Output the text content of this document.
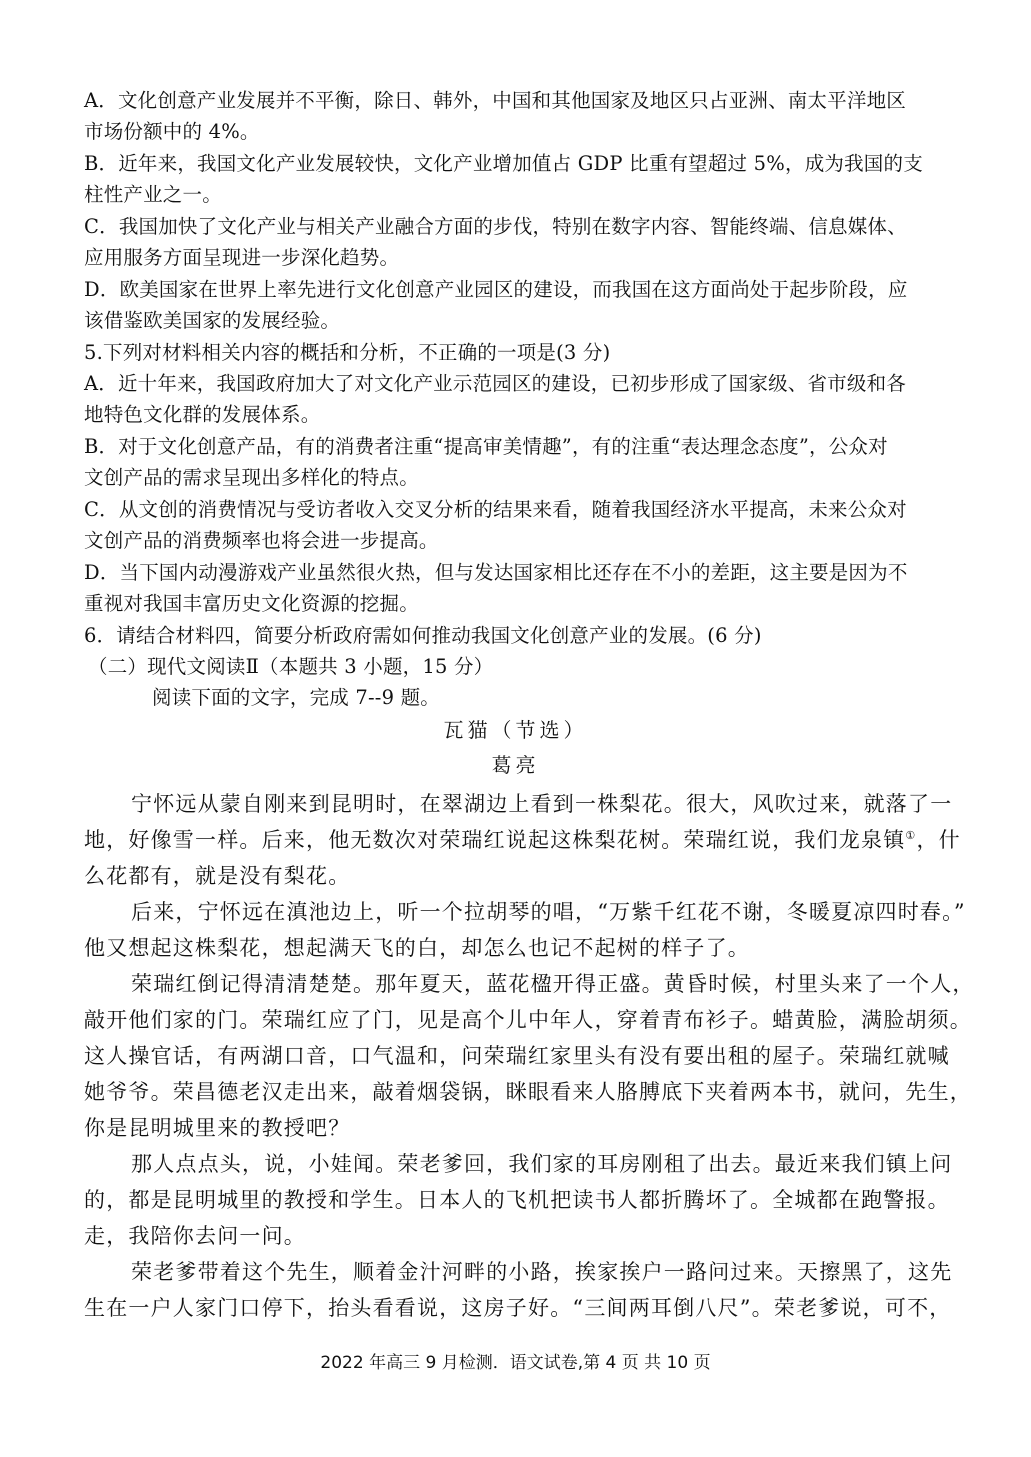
A．文化创意产业发展并不平衡，除日、韩外，中国和其他国家及地区只占亚洲、南太平洋地区
市场份额中的 4%。
B．近年来，我国文化产业发展较快，文化产业增加值占 GDP 比重有望超过 5%，成为我国的支
柱性产业之一。
C．我国加快了文化产业与相关产业融合方面的步伐，特别在数字内容、智能终端、信息媒体、
应用服务方面呈现进一步深化趋势。
D．欧美国家在世界上率先进行文化创意产业园区的建设，而我国在这方面尚处于起步阶段，应
该借鉴欧美国家的发展经验。
5.下列对材料相关内容的概括和分析，不正确的一项是(3 分)
A．近十年来，我国政府加大了对文化产业示范园区的建设，已初步形成了国家级、省市级和各
地特色文化群的发展体系。
B．对于文化创意产品，有的消费者注重“提高审美情趣”，有的注重“表达理念态度”，公众对
文创产品的需求呈现出多样化的特点。
C．从文创的消费情况与受访者收入交叉分析的结果来看，随着我国经济水平提高，未来公众对
文创产品的消费频率也将会进一步提高。
D．当下国内动漫游戏产业虽然很火热，但与发达国家相比还存在不小的差距，这主要是因为不
重视对我国丰富历史文化资源的挖掘。
6．请结合材料四，简要分析政府需如何推动我国文化创意产业的发展。(6 分)
（二）现代文阅读Ⅱ（本题共 3 小题，15 分）
阅读下面的文字，完成 7--9 题。
瓦猫（节选）
葛亮
宁怀远从蒙自刚来到昆明时，在翠湖边上看到一株梨花。很大，风吹过来，就落了一
地，好像雪一样。后来，他无数次对荣瑞红说起这株梨花树。荣瑞红说，我们龙泉镇①，什
么花都有，就是没有梨花。
后来，宁怀远在滇池边上，听一个拉胡琴的唱，“万紫千红花不谢，冬暖夏凉四时春。”
他又想起这株梨花，想起满天飞的白，却怎么也记不起树的样子了。
荣瑞红倒记得清清楚楚。那年夏天，蓝花楹开得正盛。黄昏时候，村里头来了一个人，
敲开他们家的门。荣瑞红应了门，见是高个儿中年人，穿着青布衫子。蜡黄脸，满脸胡须。
这人操官话，有两湖口音，口气温和，问荣瑞红家里头有没有要出租的屋子。荣瑞红就喊
她爷爷。荣昌德老汉走出来，敲着烟袋锅，眯眼看来人胳膊底下夹着两本书，就问，先生，
你是昆明城里来的教授吧？
那人点点头，说，小娃闻。荣老爹回，我们家的耳房刚租了出去。最近来我们镇上问
的，都是昆明城里的教授和学生。日本人的飞机把读书人都折腾坏了。全城都在跑警报。
走，我陪你去问一问。
荣老爹带着这个先生，顺着金汁河畔的小路，挨家挨户一路问过来。天擦黑了，这先
生在一户人家门口停下，抬头看看说，这房子好。“三间两耳倒八尺”。荣老爹说，可不，
2022 年高三 9 月检测．语文试卷,第 4 页 共 10 页
